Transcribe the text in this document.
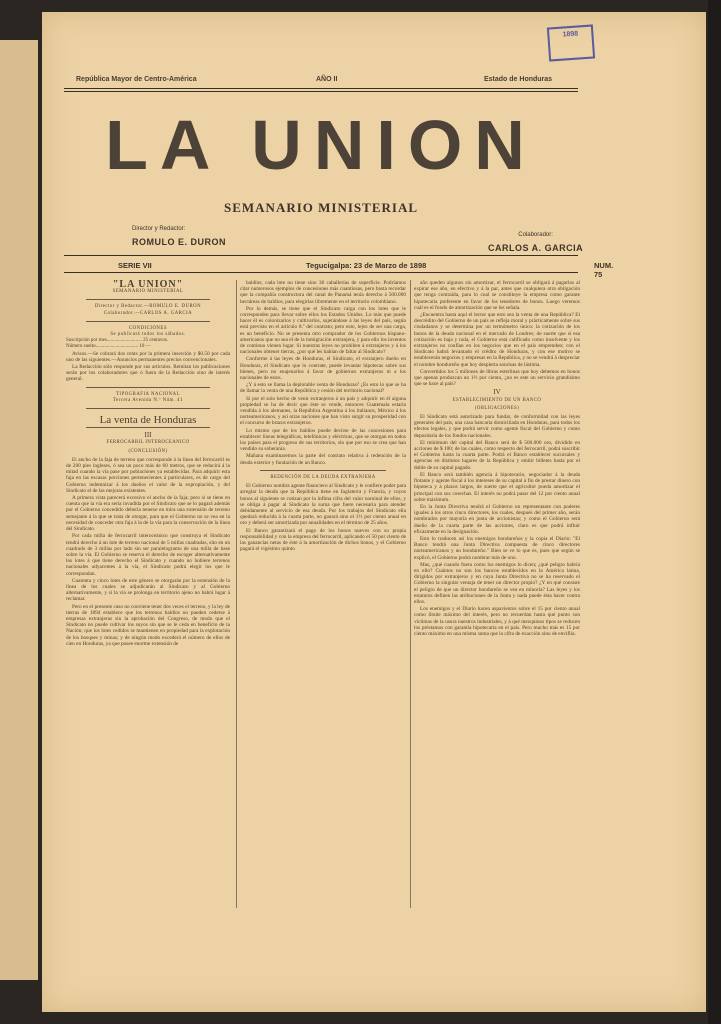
1898
República Mayor de Centro-América	AÑO II	Estado de Honduras
LA UNION
SEMANARIO MINISTERIAL
Director y Redactor:
ROMULO E. DURON
Colaborador:
CARLOS A. GARCIA
SERIE VII	Tegucigalpa: 23 de Marzo de 1898	NUM. 75
"LA UNION"
SEMANARIO MINISTERIAL
Director y Redactor.—ROMULO E. DURON
Colaborador.—CARLOS A. GARCIA
CONDICIONES
Se publicará todos los sábados.
Suscripción por mes............................ 25 centavos.
Número suelto.................................. 10 —

Avisos.—Se cobrará dos cents por la primera inserción y $0.50 por cada uno de las siguientes.—Anuncios permanentes precios convencionales.

La Redacción sólo responde por sus artículos. Remitan los publicaciones serán por los colaboradores que ó fuera de la Redacción sino de interés general.

TIPOGRAFIA NACIONAL
Tercera Avenida N.º Núm. 41
La venta de Honduras
III
FERROCARRIL INTEROCEANICO
(CONCLUSIÓN)

El ancho de la faja de terreno que corresponde á la línea del ferrocarril es de 200 pies ingleses, ó sea un poco más de 60 metros, que se reducirá á la mitad cuando la vía pase por poblaciones ya establecidas. Para adquirir esta faja en las escasas porciones pertenecientes á particulares, es de cargo del Gobierno indemnizar á los dueños el valor de la expropiación, y del Sindicato el de las mejoras existentes.

A primera vista parecerá excesivo el ancho de la faja; pero si se tiene en cuenta que la vía era sería invadida por el Sindicato que se lo pagará además por el Gobierno concedido debería tenerse en mira una extensión de terreno semejante á la que se trata de otorgar, para que el Gobierno no se vea en la necesidad de conceder otra faja á la de la vía para la conservación de la línea del Sindicato.

Por cada milla de ferrocarril interoceánico que construya el Sindicato tendrá derecho á un lote de terreno nacional de 5 millas cuadradas, sito en un cuadrado de 3 millas por lado sin ser paralelogramo de una milla de base sobre la vía. El Gobierno se reserva el derecho de escoger alternativamente los lotes á que tiene derecho el Sindicato y cuando no hubiere terrenos nacionales adyacentes á la vía, el Sindicato podrá elegir los que le correspondan.

Cuarenta y cinco lotes de este género se otorgarán por la extensión de la línea de los cuales se adjudicarán al Sindicato y al Gobierno alternativamente, y si la vía se prolonga en territorio ajeno no habrá lugar á reclamar.

Pero en el presente caso no conviene tener dos veces el terreno, y la ley de tierras de 1894 establece que los terrenos baldíos no pueden cederse á empresas extranjeras sin la aprobación del Congreso, de modo que el Sindicato no puede cultivar los suyos sin que se le ceda en beneficio de la Nación; que los lotes cedidos se mantienen en propiedad para la explotación de los bosques y minas; y de ningún modo excederá el número de ellos de cien en Honduras, ya que posee enorme extensión de

baldíos; cada lote no tiene sino 38 caballerías de superficie. Podríamos citar numerosos ejemplos de concesiones más cuantiosas, pero basta recordar que la compañía constructora del canal de Panamá tenía derecho á 500.000 hectáreas de baldíos, para elegirlas libremente en el territorio colombiano.

Por lo demás, se tiene que el Sindicato carga con los lotes que le corresponden para llevar sobre ellos los Estados Unidos. Lo más que puede hacer él es colonizarlos y cultivarlos, sujetándose á las leyes del país, según está previsto en el artículo 8.º del contrato; pero esto, lejos de ser una carga, es un beneficio. No se presenta otro comprador de los Gobiernos hispano-americanos que no sea el de la inmigración extranjera, y para ello los inventos de continuo vienen lugar. Si nuestras leyes no prohiben á extranjeros y á los nacionales obtener tierras, ¿por qué les habían de faltar al Sindicato?

Conforme á las leyes de Honduras, el Sindicato, el extranjero dueño en Honduras, el Sindicato que lo contrate, puede levantar hipotecas sobre sus bienes, pero no enajenarlos á favor de gobiernos extranjeros ni a los nacionales de estos.

¿Y á esto se llama la deplorable venta de Honduras? ¿Es esto lo que se ha de llamar la venta de una República y cesión del territorio nacional?

Si por el solo hecho de venir extranjeros á un país y adquirir en él alguna propiedad se ha de decir que éste se vende, entonces Guatemala estaría vendida á los alemanes, la República Argentina á los italianos, México á los norteamericanos, y así otras naciones que han visto surgir su prosperidad con el concurso de brazos extranjeros.

Lo mismo que de los baldíos puede decirse de las concesiones para establecer líneas telegráficas, telefónicas y eléctricas, que se otorgan en todos los países para el progreso de sus territorios, sin que por eso se crea que han vendido su soberanía.

Mañana examinaremos la parte del contrato relativa á redención de la deuda exterior y fundación de un Banco.

REDENCIÓN DE LA DEUDA EXTRANJERA

El Gobierno nombra agente financiero al Sindicato y le confiere poder para arreglar la deuda que la República tiene en Inglaterra y Francia, y cuyos bonos al siguiente se cotizan por la ínfima cifra del valor nominal de ellos, y se obliga á pagar al Sindicato la suma que fuere necesaria para atender debidamente al servicio de esa deuda. Por los trabajos del Sindicato ella quedará reducida á la cuarta parte, no ganará sino el 1½ por ciento anual en oro y deberá ser amortizada por anualidades en el término de 25 años.

El Banco garantizará el pago de los bonos nuevos con su propia responsabilidad y con la empresa del ferrocarril, aplicando el 50 por ciento de las ganancias netas de éste á la amortización de dichos bonos, y el Gobierno pagará el vigésimo quinto

año queden algunos sin amortizar, el ferrocarril se obligará á pagarlos al expirar ese año, en efectivo y á la par, antes que cualquiera otra obligación que tenga contraída, para lo cual se constituye la empresa como garante hipotecaria preferente en favor de los tenedores de bonos. Luego veremos cuál es el fondo de amortización que se les señala.

¿Encuentra hasta aquí el lector que esto sea la venta de una República? El descrédito del Gobierno de un país se refleja moral y prácticamente sobre sus ciudadanos y se determina por un termómetro único: la cotización de los bonos de la deuda nacional en el mercado de Londres; de suerte que si esa cotización es baja y nula, el Gobierno está calificado como insolvente y los extranjeros no confían en los negocios que en el país emprenden; con el Sindicato habrá levantado el crédito de Honduras, y con ese motivo se establecerán negocios y empresas en la República, y no se vendrá á despreciar el nombre hondureño que hoy despierta sonrisas de lástima.

Convertidos los 5 millones de libras esterlinas que hoy debemos en bonos que apenas produzcan un 1½ por ciento, ¿no es este un servicio grandísimo que se hace al país?

IV
ESTABLECIMIENTO DE UN BANCO
(OBLIGACIONES)

El Sindicato está autorizado para fundar, de conformidad con las leyes generales del país, una casa bancaria domiciliada en Honduras, para todos los efectos legales, y que podrá servir como agente fiscal del Gobierno y como depositaria de los fondos nacionales.

El mínimum del capital del Banco será de $ 500.000 oro, dividido en acciones de $ 100; de las cuales, como respecto del ferrocarril, podrá suscribir el Gobierno hasta la cuarta parte. Podrá el Banco establecer sucursales y agencias en distintos lugares de la República y emitir billetes hasta por el doble de su capital pagado.

El Banco será también agencia á hipotecario, negociador á la deuda flotante y agente fiscal á los intereses de su capital á fin de prestar dinero con hipoteca y á plazos largos, de suerte que el agricultor pueda amortizar el principal con sus cosechas. El interés no podrá pasar del 12 por ciento anual sobre máximum.

En la Junta Directiva tendrá el Gobierno un representante con poderes iguales á los otros cinco directores, los cuales, después del primer año, serán nombrados por mayoría en junta de accionistas; y como el Gobierno será dueño de la cuarta parte de las acciones, claro es que podrá influir eficazmente en la designación.

Esto lo traducen así los enemigos hondureños y la copia el Diario: "El Banco tendrá una Junta Directiva compuesta de cinco directores norteamericanos y un hondureño." Bien se ve lo que es, pues que según se explicó, el Gobierno podrá nombrar más de uno.

Mas, ¿qué cuando fuera como los enemigos lo dicen; ¿qué peligro habría en ello? Cuántos no son los bancos establecidos en la América latina, dirigidos por extranjeros y en cuya Junta Directiva no se ha reservado el Gobierno la singular ventaja de tener un director propio? ¿Y en qué consiste el peligro de que un director hondureño se vea en minoría? Las leyes y los estatutos definen las atribuciones de la Junta y nada puede ésta hacer contra ellos.

Los enemigos y el Diario hacen aspavientos sobre el 15 por ciento anual como límite máximo del interés, pero no recuerdan hasta qué punto son víctimas de la usura nuestros industriales, y á qué mezquinos tipos se reducen los préstamos con garantía hipotecaria en el país. Pero mucho más es 15 por ciento máximo en una misma suma que la cifra de exacción sino de enviflia.
